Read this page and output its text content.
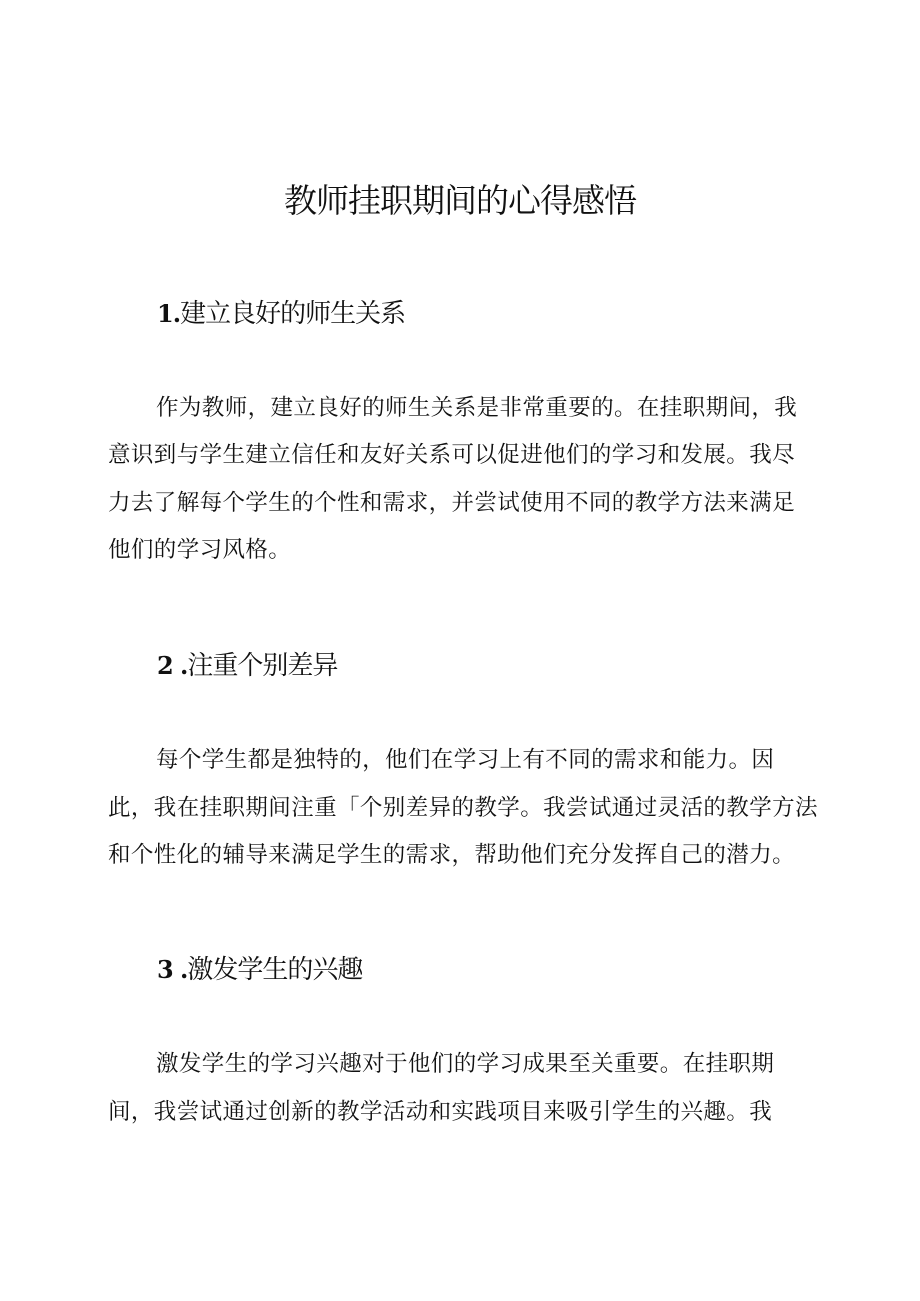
教师挂职期间的心得感悟
1.建立良好的师生关系
作为教师，建立良好的师生关系是非常重要的。在挂职期间，我
意识到与学生建立信任和友好关系可以促进他们的学习和发展。我尽
力去了解每个学生的个性和需求，并尝试使用不同的教学方法来满足
他们的学习风格。
2 .注重个别差异
每个学生都是独特的，他们在学习上有不同的需求和能力。因
此，我在挂职期间注重「个别差异的教学。我尝试通过灵活的教学方法
和个性化的辅导来满足学生的需求，帮助他们充分发挥自己的潜力。
3 .激发学生的兴趣
激发学生的学习兴趣对于他们的学习成果至关重要。在挂职期
间，我尝试通过创新的教学活动和实践项目来吸引学生的兴趣。我
